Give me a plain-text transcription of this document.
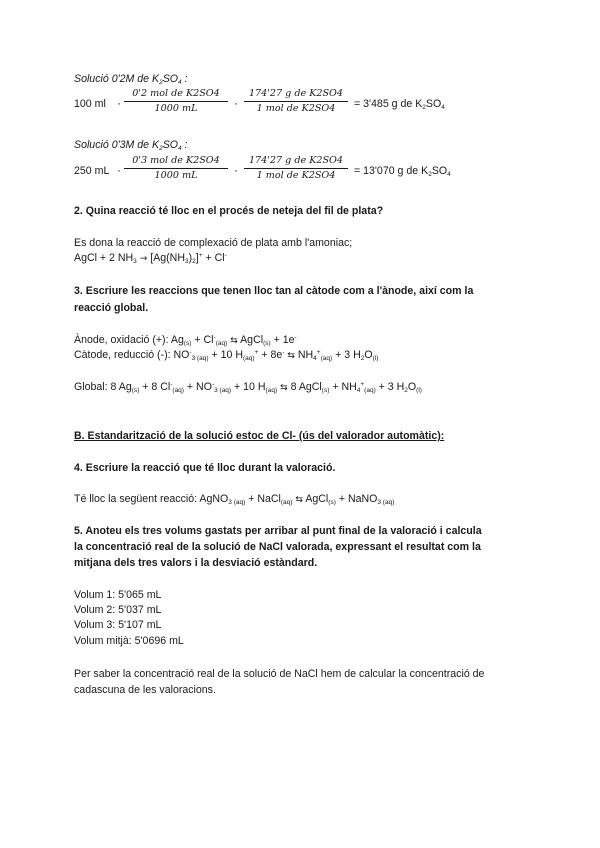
Solució 0'2M de $K_2SO_4$ :
100 ml ·
0'2 mol de K2SO4
1000 mL	·
174'27 g de K2SO4
1 mol de K2SO4	= 3'485 g de $K_2SO_4$
Solució 0'3M de $K_2SO_4$ :
250 mL ·
0'3 mol de K2SO4
1000 mL	·
174'27 g de K2SO4
1 mol de K2SO4	= 13'070 g de $K_2SO_4$
2. Quina reacció té lloc en el procés de neteja del fil de plata?
Es dona la reacció de complexació de plata amb l'amoniac;
AgCl + 2 $NH_3 \to [Ag(NH_3)_2]^+ + Cl^-$
3. Escriure les reaccions que tenen lloc tan al càtode com a l'ànode, així com la
reacció global.
Ànode, oxidació (+): $Ag_{(s)} + Cl^-_{(aq)}$ ⇆ AgCl$_{(s)}$ + 1e-
Càtode, reducció (-): $NO^-_{3 (aq)} + 10$ $H_{(aq)}^+ + 8e^-$ ⇆ $NH_4^+_{(aq)} + 3$ $H_2O_{(l)}$
Global: 8 $Ag_{(s)} + 8$ $Cl^-_{(aq)} + NO^-_{3 (aq)} + 10$ $H_{(aq)}$ ⇆ 8 AgCl$_{(s)}$ + $NH_4^+_{(aq)} + 3$ $H_2O_{(l)}$
B. Estandarització de la solució estoc de Cl- (ús del valorador automàtic):
4. Escriure la reacció que té lloc durant la valoració.
Té lloc la següent reacció: AgNO$_{3 (aq)}$ + NaCl$_{(aq)}$ ⇆ AgCl$_{(s)}$ + NaNO$_{3 (aq)}$
5. Anoteu els tres volums gastats per arribar al punt final de la valoració i calcula
la concentració real de la solució de NaCl valorada, expressant el resultat com la
mitjana dels tres valors i la desviació estàndard.
Volum 1: 5'065 mL
Volum 2: 5'037 mL
Volum 3: 5'107 mL
Volum mitjà: 5'0696 mL
Per saber la concentració real de la solució de NaCl hem de calcular la concentració de
cadascuna de les valoracions.
